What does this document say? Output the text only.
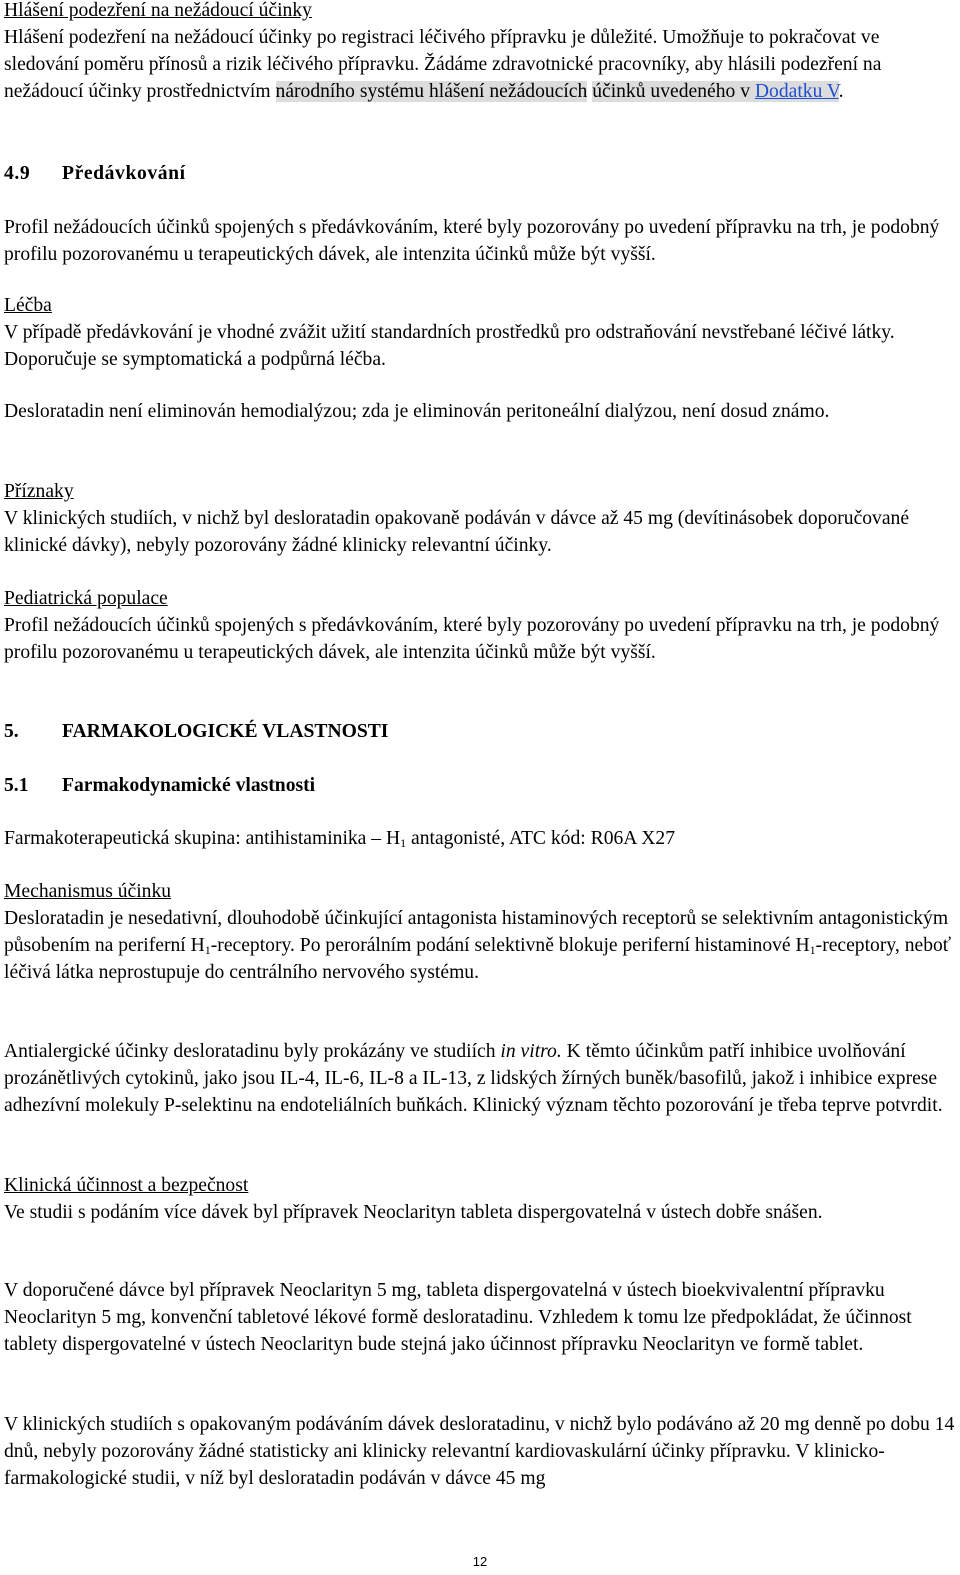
Hlášení podezření na nežádoucí účinky
Hlášení podezření na nežádoucí účinky po registraci léčivého přípravku je důležité. Umožňuje to pokračovat ve sledování poměru přínosů a rizik léčivého přípravku. Žádáme zdravotnické pracovníky, aby hlásili podezření na nežádoucí účinky prostřednictvím národního systému hlášení nežádoucích účinků uvedeného v Dodatku V.
4.9 Předávkování

Profil nežádoucích účinků spojených s předávkováním, které byly pozorovány po uvedení přípravku na trh, je podobný profilu pozorovanému u terapeutických dávek, ale intenzita účinků může být vyšší.

Léčba
V případě předávkování je vhodné zvážit užití standardních prostředků pro odstraňování nevstřebané léčivé látky. Doporučuje se symptomatická a podpůrná léčba.

Desloratadin není eliminován hemodialýzou; zda je eliminován peritoneální dialýzou, není dosud známo.

Příznaky
V klinických studiích, v nichž byl desloratadin opakovaně podáván v dávce až 45 mg (devítinásobek doporučované klinické dávky), nebyly pozorovány žádné klinicky relevantní účinky.
Pediatrická populace
Profil nežádoucích účinků spojených s předávkováním, které byly pozorovány po uvedení přípravku na trh, je podobný profilu pozorovanému u terapeutických dávek, ale intenzita účinků může být vyšší.
5. FARMAKOLOGICKÉ VLASTNOSTI
5.1 Farmakodynamické vlastnosti
Farmakoterapeutická skupina: antihistaminika – $H_1$ antagonisté, ATC kód: R06A X27
Mechanismus účinku
Desloratadin je nesedativní, dlouhodobě účinkující antagonista histaminových receptorů se selektivním antagonistickým působením na periferní $H_1$-receptory. Po perorálním podání selektivně blokuje periferní histaminové $H_1$-receptory, neboť léčivá látka neprostupuje do centrálního nervového systému.
Antialergické účinky desloratadinu byly prokázány ve studiích in vitro. K těmto účinkům patří inhibice uvolňování prozánětlivých cytokinů, jako jsou IL-4, IL-6, IL-8 a IL-13, z lidských žírných buněk/basofilů, jakož i inhibice exprese adhezívní molekuly P-selektinu na endoteliálních buňkách. Klinický význam těchto pozorování je třeba teprve potvrdit.
Klinická účinnost a bezpečnost
Ve studii s podáním více dávek byl přípravek Neoclarityn tableta dispergovatelná v ústech dobře snášen.

V doporučené dávce byl přípravek Neoclarityn 5 mg, tableta dispergovatelná v ústech bioekvivalentní přípravku Neoclarityn 5 mg, konvenční tabletové lékové formě desloratadinu. Vzhledem k tomu lze předpokládat, že účinnost tablety dispergovatelné v ústech Neoclarityn bude stejná jako účinnost přípravku Neoclarityn ve formě tablet.

V klinických studiích s opakovaným podáváním dávek desloratadinu, v nichž bylo podáváno až 20 mg denně po dobu 14 dnů, nebyly pozorovány žádné statisticky ani klinicky relevantní kardiovaskulární účinky přípravku. V klinicko-farmakologické studii, v níž byl desloratadin podáván v dávce 45 mg

12
